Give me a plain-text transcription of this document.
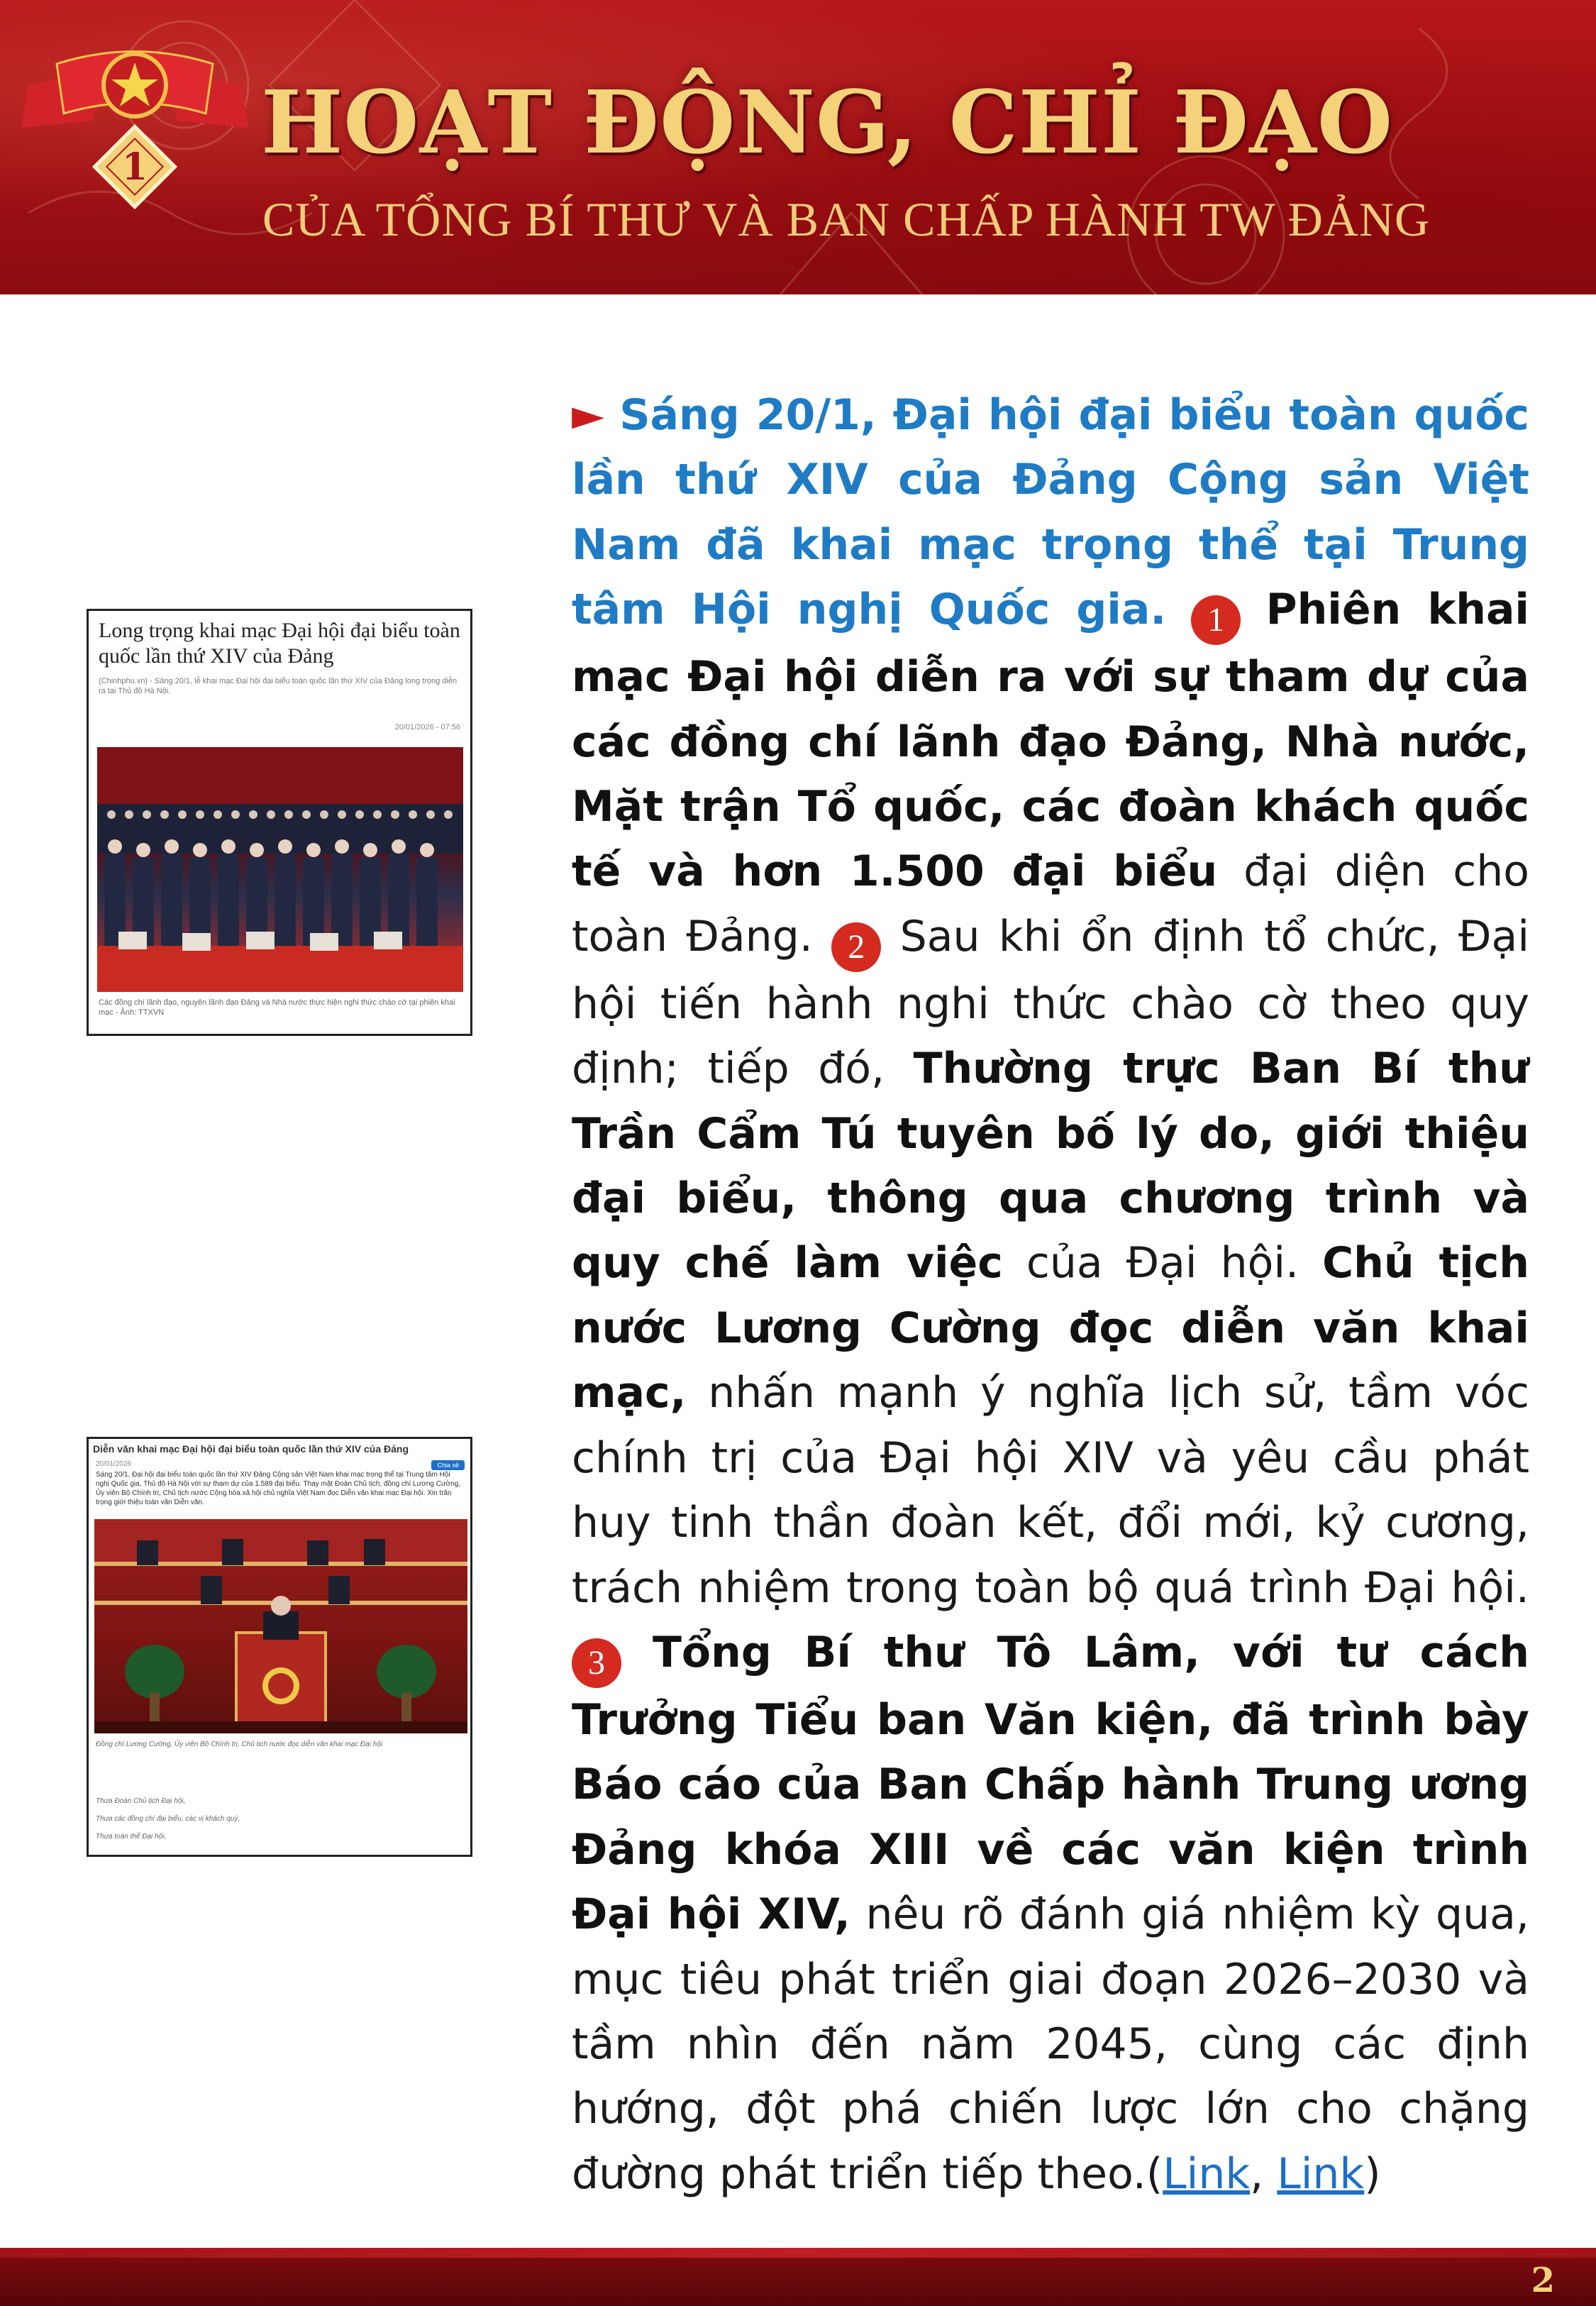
1 HOẠT ĐỘNG, CHỈ ĐẠO

CỦA TỔNG BÍ THƯ VÀ BAN CHẤP HÀNH TW ĐẢNG

Long trọng khai mạc Đại hội đại biểu toàn quốc lần thứ XIV của Đảng

(Chinhphu.vn) - Sáng 20/1, lễ khai mạc Đại hội đại biểu toàn quốc lần thứ XIV của Đảng long trọng diễn ra tại Thủ đô Hà Nội.
20/01/2026 - 07:56
Các đồng chí lãnh đạo, nguyên lãnh đạo Đảng và Nhà nước thực hiện nghi thức chào cờ tại phiên khai mạc - Ảnh: TTXVN

Diễn văn khai mạc Đại hội đại biểu toàn quốc lần thứ XIV của Đảng

20/01/2026	Chia sẻ
Sáng 20/1, Đại hội đại biểu toàn quốc lần thứ XIV Đảng Cộng sản Việt Nam khai mạc trọng thể tại Trung tâm Hội nghị Quốc gia, Thủ đô Hà Nội với sự tham dự của 1.589 đại biểu. Thay mặt Đoàn Chủ tịch, đồng chí Lương Cường, Ủy viên Bộ Chính trị, Chủ tịch nước Cộng hòa xã hội chủ nghĩa Việt Nam đọc Diễn văn khai mạc Đại hội. Xin trân trọng giới thiệu toàn văn Diễn văn.
Đồng chí Lương Cường, Ủy viên Bộ Chính trị, Chủ tịch nước đọc diễn văn khai mạc Đại hội
Thưa Đoàn Chủ tịch Đại hội,
Thưa các đồng chí đại biểu, các vị khách quý,
Thưa toàn thể Đại hội,

► Sáng 20/1, Đại hội đại biểu toàn quốc lần thứ XIV của Đảng Cộng sản Việt Nam đã khai mạc trọng thể tại Trung tâm Hội nghị Quốc gia. 1 Phiên khai mạc Đại hội diễn ra với sự tham dự của các đồng chí lãnh đạo Đảng, Nhà nước, Mặt trận Tổ quốc, các đoàn khách quốc tế và hơn 1.500 đại biểu đại diện cho toàn Đảng. 2 Sau khi ổn định tổ chức, Đại hội tiến hành nghi thức chào cờ theo quy định; tiếp đó, Thường trực Ban Bí thư Trần Cẩm Tú tuyên bố lý do, giới thiệu đại biểu, thông qua chương trình và quy chế làm việc của Đại hội. Chủ tịch nước Lương Cường đọc diễn văn khai mạc, nhấn mạnh ý nghĩa lịch sử, tầm vóc chính trị của Đại hội XIV và yêu cầu phát huy tinh thần đoàn kết, đổi mới, kỷ cương, trách nhiệm trong toàn bộ quá trình Đại hội. 3 Tổng Bí thư Tô Lâm, với tư cách Trưởng Tiểu ban Văn kiện, đã trình bày Báo cáo của Ban Chấp hành Trung ương Đảng khóa XIII về các văn kiện trình Đại hội XIV, nêu rõ đánh giá nhiệm kỳ qua, mục tiêu phát triển giai đoạn 2026–2030 và tầm nhìn đến năm 2045, cùng các định hướng, đột phá chiến lược lớn cho chặng đường phát triển tiếp theo.(Link, Link)

2
